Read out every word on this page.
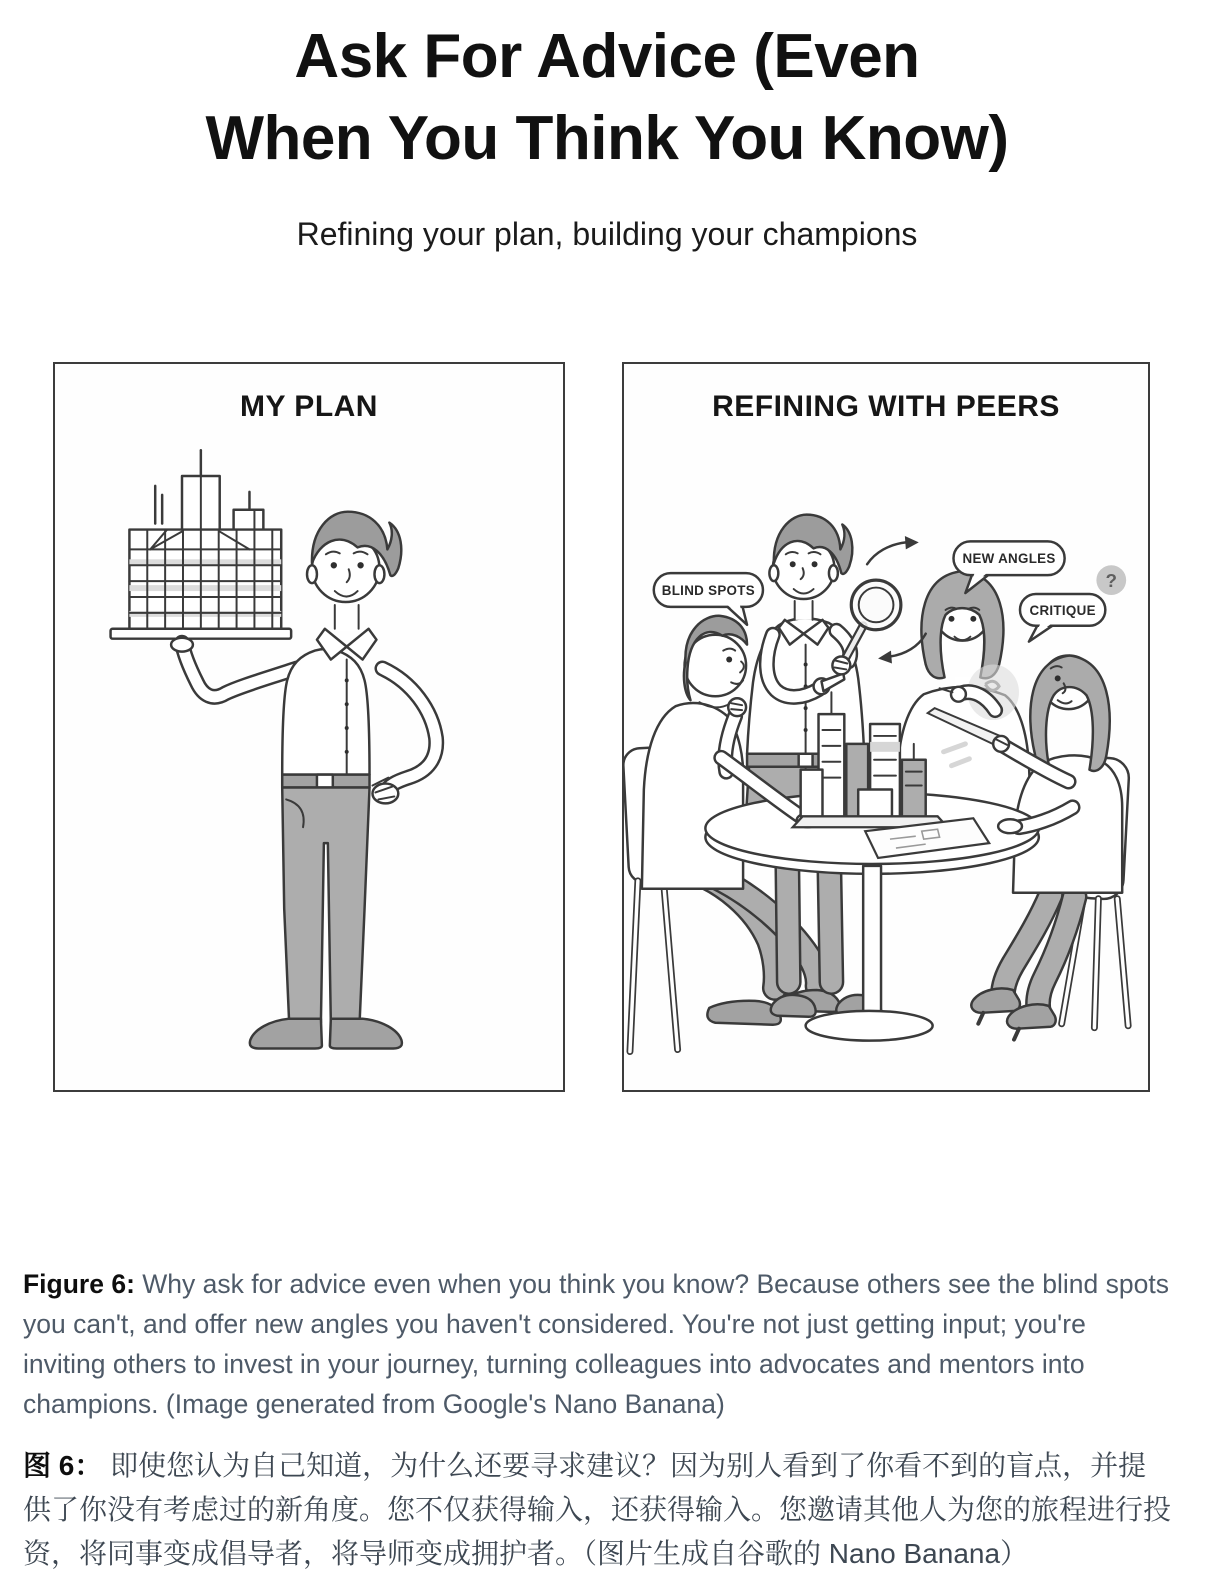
Ask For Advice (Even
When You Think You Know)
Refining your plan, building your champions
MY PLAN	REFINING WITH PEERS
BLIND SPOTS
NEW ANGLES
CRITIQUE
?

Figure 6: Why ask for advice even when you think you know? Because others see the blind spots you can't, and offer new angles you haven't considered. You're not just getting input; you're inviting others to invest in your journey, turning colleagues into advocates and mentors into champions. (Image generated from Google's Nano Banana)

图 6： 即使您认为自己知道，为什么还要寻求建议？因为别人看到了你看不到的盲点，并提供了你没有考虑过的新角度。您不仅获得输入，还获得输入。您邀请其他人为您的旅程进行投资，将同事变成倡导者，将导师变成拥护者。（图片生成自谷歌的 Nano Banana）
